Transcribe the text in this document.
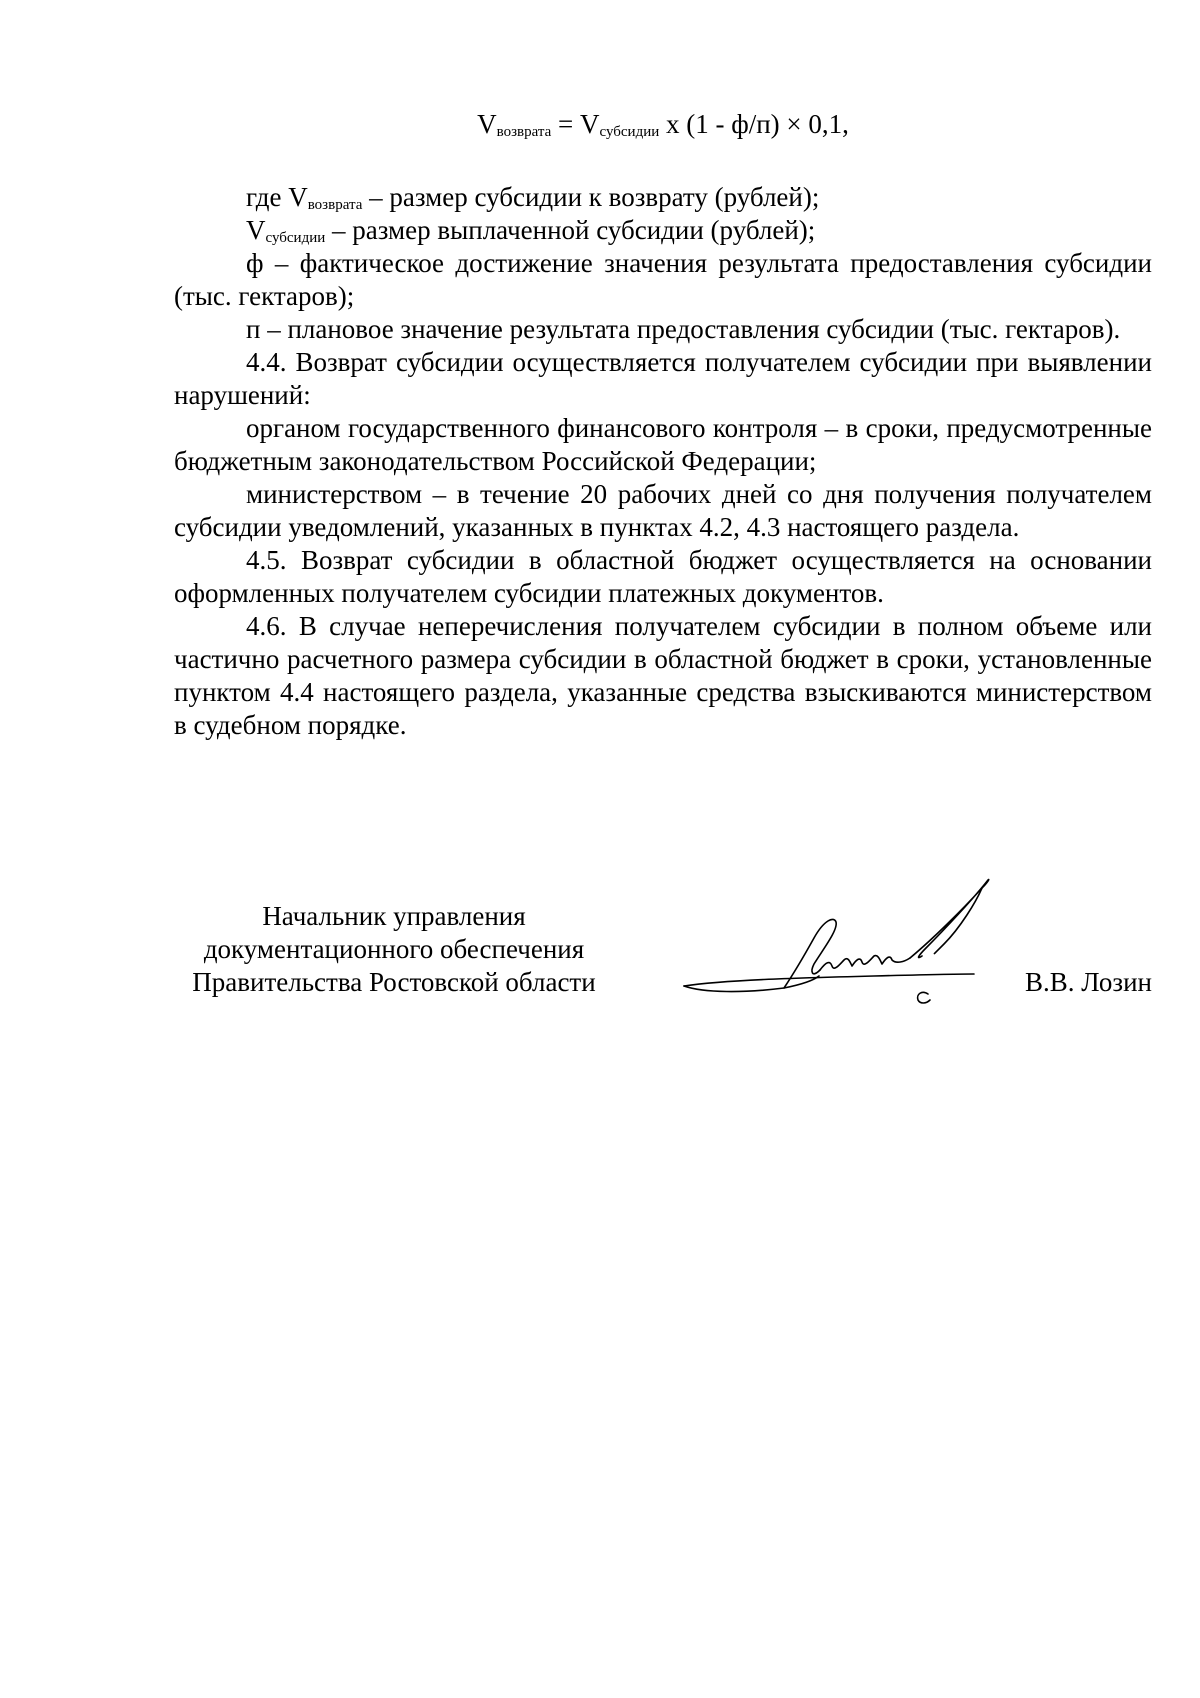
$V_{возврата} = V_{субсидии}$ x (1 - ф/п) × 0,1,

где Vвозврата – размер субсидии к возврату (рублей);

Vсубсидии – размер выплаченной субсидии (рублей);

ф – фактическое достижение значения результата предоставления субсидии (тыс. гектаров);

п – плановое значение результата предоставления субсидии (тыс. гектаров).

4.4. Возврат субсидии осуществляется получателем субсидии при выявлении нарушений:

органом государственного финансового контроля – в сроки, предусмотренные бюджетным законодательством Российской Федерации;

министерством – в течение 20 рабочих дней со дня получения получателем субсидии уведомлений, указанных в пунктах 4.2, 4.3 настоящего раздела.

4.5. Возврат субсидии в областной бюджет осуществляется на основании оформленных получателем субсидии платежных документов.

4.6. В случае неперечисления получателем субсидии в полном объеме или частично расчетного размера субсидии в областной бюджет в сроки, установленные пунктом 4.4 настоящего раздела, указанные средства взыскиваются министерством в судебном порядке.

Начальник управления
документационного обеспечения
Правительства Ростовской области	В.В. Лозин
